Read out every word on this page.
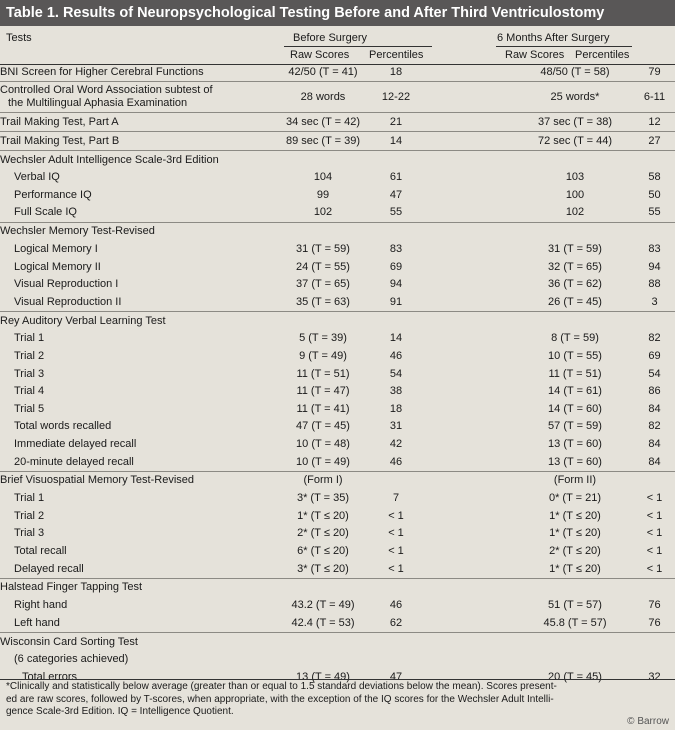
Table 1. Results of Neuropsychological Testing Before and After Third Ventriculostomy
Tests	Before Surgery	6 Months After Surgery
Raw Scores Percentiles	Raw Scores Percentiles
BNI Screen for Higher Cerebral Functions	42/50 (T = 41)	18		48/50 (T = 58)	79

Controlled Oral Word Association subtest of
the Multilingual Aphasia Examination	28 words	12-22		25 words*	6-11
Trail Making Test, Part A	34 sec (T = 42)	21		37 sec (T = 38)	12
Trail Making Test, Part B	89 sec (T = 39)	14		72 sec (T = 44)	27
Wechsler Adult Intelligence Scale-3rd Edition					
Verbal IQ	104	61		103	58
Performance IQ	99	47		100	50
Full Scale IQ	102	55		102	55
Wechsler Memory Test-Revised					
Logical Memory I	31 (T = 59)	83		31 (T = 59)	83
Logical Memory II	24 (T = 55)	69		32 (T = 65)	94
Visual Reproduction I	37 (T = 65)	94		36 (T = 62)	88
Visual Reproduction II	35 (T = 63)	91		26 (T = 45)	3
Rey Auditory Verbal Learning Test					
Trial 1	5 (T = 39)	14		8 (T = 59)	82
Trial 2	9 (T = 49)	46		10 (T = 55)	69
Trial 3	11 (T = 51)	54		11 (T = 51)	54
Trial 4	11 (T = 47)	38		14 (T = 61)	86
Trial 5	11 (T = 41)	18		14 (T = 60)	84
Total words recalled	47 (T = 45)	31		57 (T = 59)	82
Immediate delayed recall	10 (T = 48)	42		13 (T = 60)	84
20-minute delayed recall	10 (T = 49)	46		13 (T = 60)	84
Brief Visuospatial Memory Test-Revised	(Form I)			(Form II)	
Trial 1	3* (T = 35)	7		0* (T = 21)	< 1
Trial 2	1* (T ≤ 20)	< 1		1* (T ≤ 20)	< 1
Trial 3	2* (T ≤ 20)	< 1		1* (T ≤ 20)	< 1
Total recall	6* (T ≤ 20)	< 1		2* (T ≤ 20)	< 1
Delayed recall	3* (T ≤ 20)	< 1		1* (T ≤ 20)	< 1
Halstead Finger Tapping Test					
Right hand	43.2 (T = 49)	46		51 (T = 57)	76
Left hand	42.4 (T = 53)	62		45.8 (T = 57)	76
Wisconsin Card Sorting Test					
(6 categories achieved)					
Total errors	13 (T = 49)	47		20 (T = 45)	32

*Clinically and statistically below average (greater than or equal to 1.5 standard deviations below the mean). Scores present-

ed are raw scores, followed by T-scores, when appropriate, with the exception of the IQ scores for the Wechsler Adult Intelli-

gence Scale-3rd Edition. IQ = Intelligence Quotient.

© Barrow
